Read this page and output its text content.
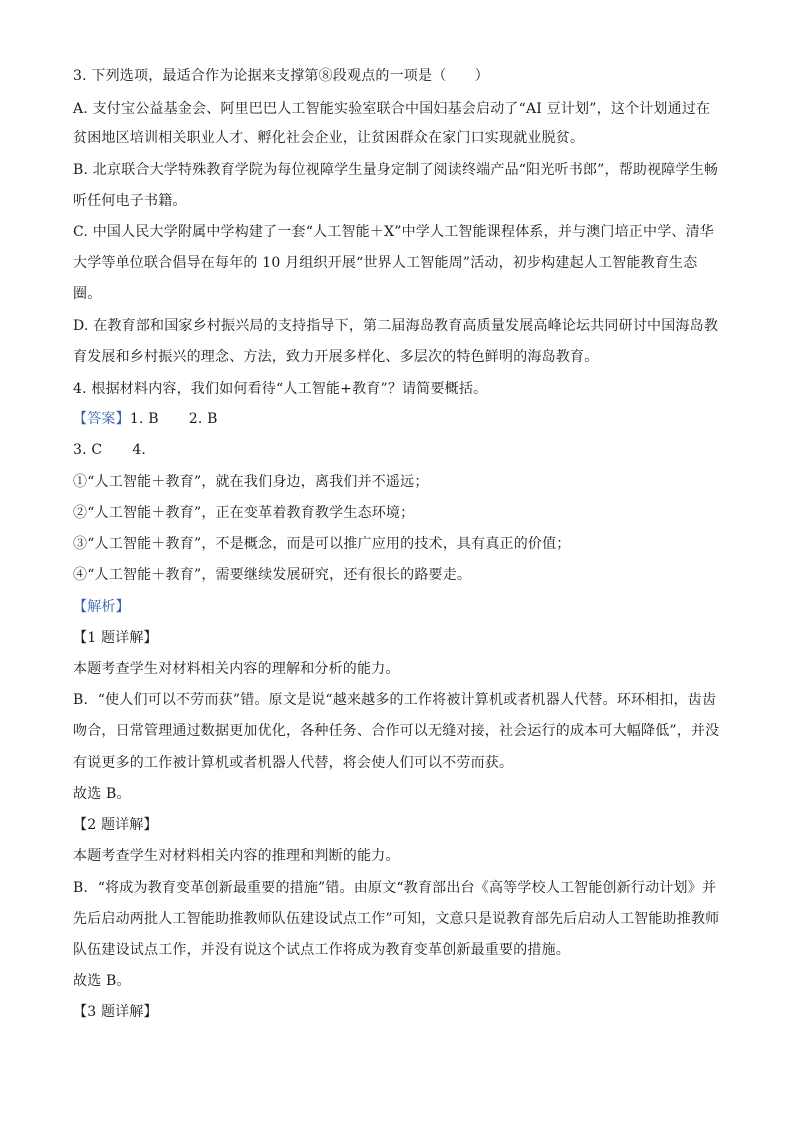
3. 下列选项，最适合作为论据来支撑第⑧段观点的一项是（　　）

A. 支付宝公益基金会、阿里巴巴人工智能实验室联合中国妇基会启动了“AI 豆计划”，这个计划通过在

贫困地区培训相关职业人才、孵化社会企业，让贫困群众在家门口实现就业脱贫。

B. 北京联合大学特殊教育学院为每位视障学生量身定制了阅读终端产品“阳光听书郎”，帮助视障学生畅

听任何电子书籍。

C. 中国人民大学附属中学构建了一套“人工智能＋X”中学人工智能课程体系，并与澳门培正中学、清华

大学等单位联合倡导在每年的 10 月组织开展“世界人工智能周”活动，初步构建起人工智能教育生态

圈。

D. 在教育部和国家乡村振兴局的支持指导下，第二届海岛教育高质量发展高峰论坛共同研讨中国海岛教

育发展和乡村振兴的理念、方法，致力开展多样化、多层次的特色鲜明的海岛教育。

4. 根据材料内容，我们如何看待“人工智能+教育”？请简要概括。

【答案】1. B 2. B

3. C 4.

①“人工智能＋教育”，就在我们身边，离我们并不遥远；

②“人工智能＋教育”，正在变革着教育教学生态环境；

③“人工智能＋教育”，不是概念，而是可以推广应用的技术，具有真正的价值；

④“人工智能＋教育”，需要继续发展研究，还有很长的路要走。

【解析】

【1 题详解】

本题考查学生对材料相关内容的理解和分析的能力。

B．“使人们可以不劳而获”错。原文是说“越来越多的工作将被计算机或者机器人代替。环环相扣，齿齿

吻合，日常管理通过数据更加优化，各种任务、合作可以无缝对接，社会运行的成本可大幅降低”，并没

有说更多的工作被计算机或者机器人代替，将会使人们可以不劳而获。

故选 B。

【2 题详解】

本题考查学生对材料相关内容的推理和判断的能力。

B．“将成为教育变革创新最重要的措施”错。由原文“教育部出台《高等学校人工智能创新行动计划》并

先后启动两批人工智能助推教师队伍建设试点工作”可知，文意只是说教育部先后启动人工智能助推教师

队伍建设试点工作，并没有说这个试点工作将成为教育变革创新最重要的措施。

故选 B。

【3 题详解】
